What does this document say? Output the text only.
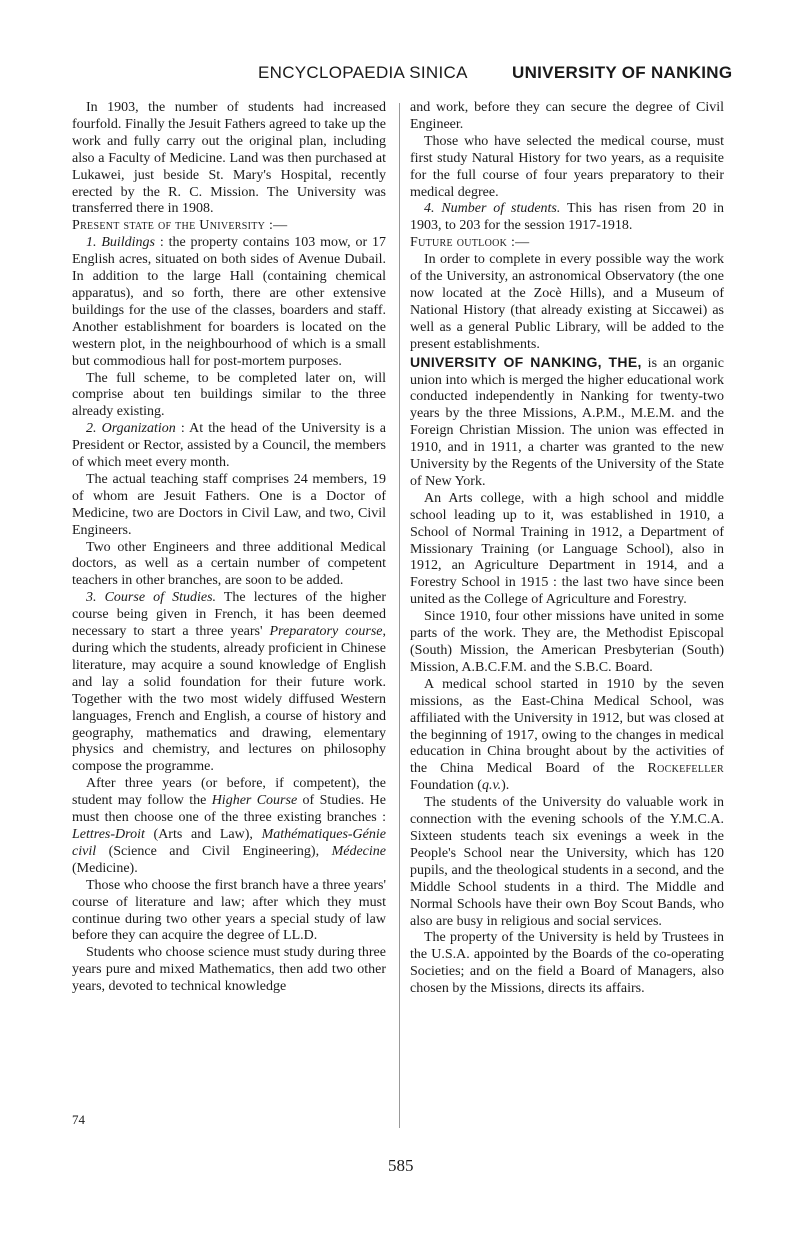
ENCYCLOPAEDIA SINICA	UNIVERSITY OF NANKING

In 1903, the number of students had increased fourfold. Finally the Jesuit Fathers agreed to take up the work and fully carry out the original plan, including also a Faculty of Medicine. Land was then purchased at Lukawei, just beside St. Mary's Hospital, recently erected by the R. C. Mission. The University was transferred there in 1908.

Present state of the University :—

1. Buildings : the property contains 103 mow, or 17 English acres, situated on both sides of Avenue Dubail. In addition to the large Hall (containing chemical apparatus), and so forth, there are other extensive buildings for the use of the classes, boarders and staff. Another establishment for boarders is located on the western plot, in the neighbourhood of which is a small but commodious hall for post-mortem purposes.

The full scheme, to be completed later on, will comprise about ten buildings similar to the three already existing.

2. Organization : At the head of the University is a President or Rector, assisted by a Council, the members of which meet every month.

The actual teaching staff comprises 24 members, 19 of whom are Jesuit Fathers. One is a Doctor of Medicine, two are Doctors in Civil Law, and two, Civil Engineers.

Two other Engineers and three additional Medical doctors, as well as a certain number of competent teachers in other branches, are soon to be added.

3. Course of Studies. The lectures of the higher course being given in French, it has been deemed necessary to start a three years' Preparatory course, during which the students, already proficient in Chinese literature, may acquire a sound knowledge of English and lay a solid foundation for their future work. Together with the two most widely diffused Western languages, French and English, a course of history and geography, mathematics and drawing, elementary physics and chemistry, and lectures on philosophy compose the programme.

After three years (or before, if competent), the student may follow the Higher Course of Studies. He must then choose one of the three existing branches : Lettres-Droit (Arts and Law), Mathématiques-Génie civil (Science and Civil Engineering), Médecine (Medicine).

Those who choose the first branch have a three years' course of literature and law; after which they must continue during two other years a special study of law before they can acquire the degree of LL.D.

Students who choose science must study during three years pure and mixed Mathematics, then add two other years, devoted to technical knowledge

and work, before they can secure the degree of Civil Engineer.

Those who have selected the medical course, must first study Natural History for two years, as a requisite for the full course of four years preparatory to their medical degree.

4. Number of students. This has risen from 20 in 1903, to 203 for the session 1917-1918.

Future outlook :—

In order to complete in every possible way the work of the University, an astronomical Observatory (the one now located at the Zocè Hills), and a Museum of National History (that already existing at Siccawei) as well as a general Public Library, will be added to the present establishments.

UNIVERSITY OF NANKING, THE, is an organic union into which is merged the higher educational work conducted independently in Nanking for twenty-two years by the three Missions, A.P.M., M.E.M. and the Foreign Christian Mission. The union was effected in 1910, and in 1911, a charter was granted to the new University by the Regents of the University of the State of New York.

An Arts college, with a high school and middle school leading up to it, was established in 1910, a School of Normal Training in 1912, a Department of Missionary Training (or Language School), also in 1912, an Agriculture Department in 1914, and a Forestry School in 1915 : the last two have since been united as the College of Agriculture and Forestry.

Since 1910, four other missions have united in some parts of the work. They are, the Methodist Episcopal (South) Mission, the American Presbyterian (South) Mission, A.B.C.F.M. and the S.B.C. Board.

A medical school started in 1910 by the seven missions, as the East-China Medical School, was affiliated with the University in 1912, but was closed at the beginning of 1917, owing to the changes in medical education in China brought about by the activities of the China Medical Board of the Rockefeller Foundation (q.v.).

The students of the University do valuable work in connection with the evening schools of the Y.M.C.A. Sixteen students teach six evenings a week in the People's School near the University, which has 120 pupils, and the theological students in a second, and the Middle School students in a third. The Middle and Normal Schools have their own Boy Scout Bands, who also are busy in religious and social services.

The property of the University is held by Trustees in the U.S.A. appointed by the Boards of the co-operating Societies; and on the field a Board of Managers, also chosen by the Missions, directs its affairs.

74
585
